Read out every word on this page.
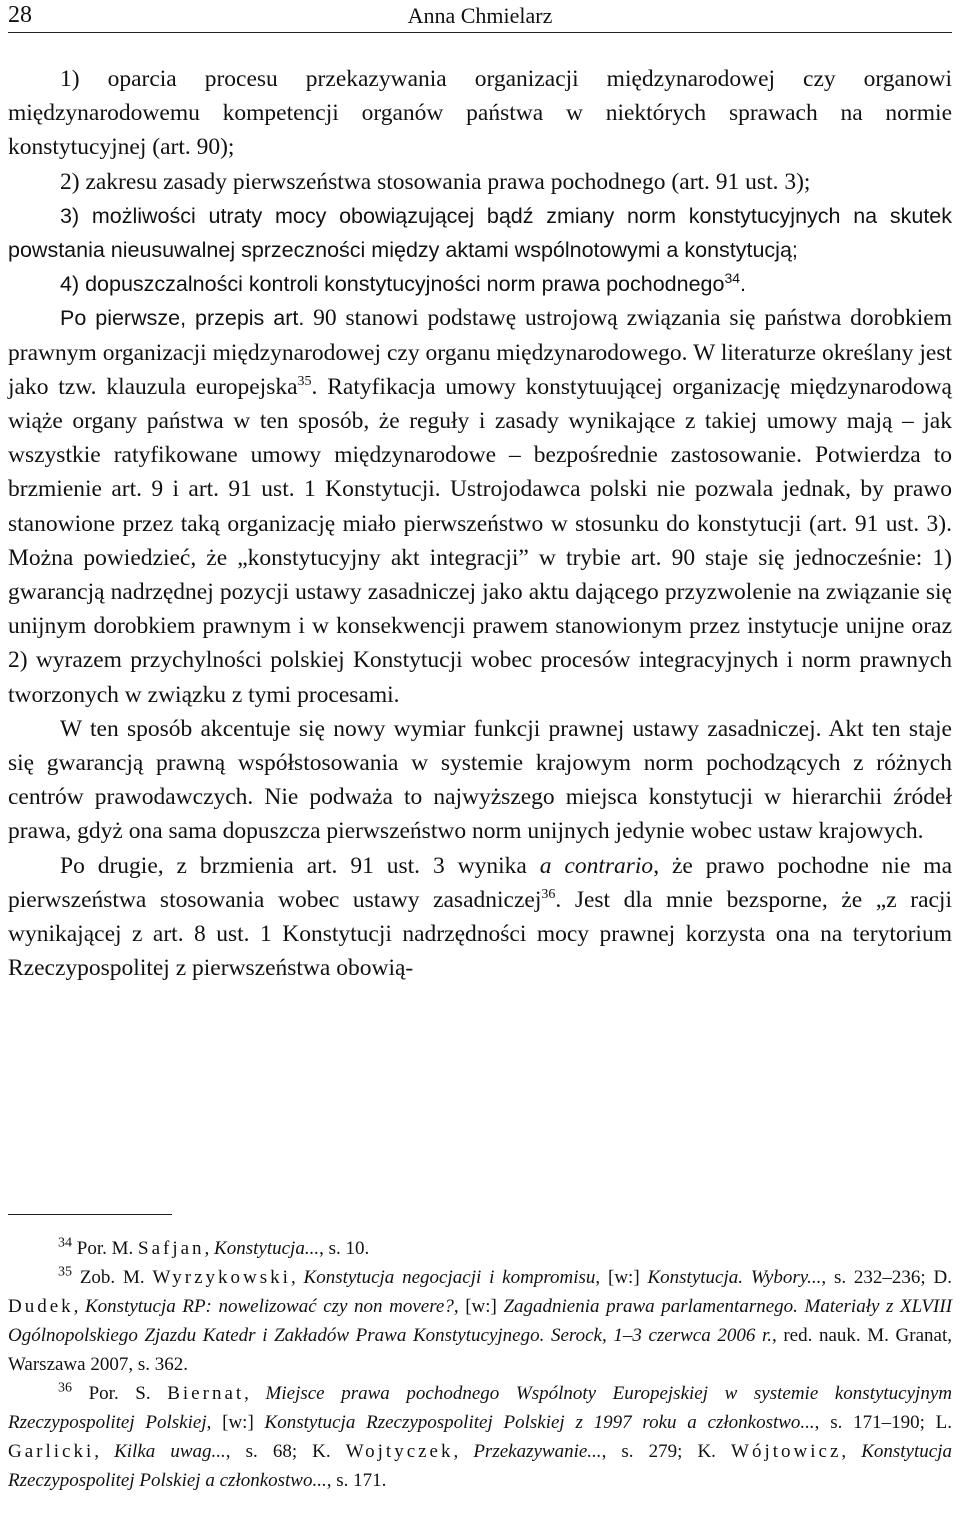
28	Anna Chmielarz

1) oparcia procesu przekazywania organizacji międzynarodowej czy organowi międzynarodowemu kompetencji organów państwa w niektórych sprawach na normie konstytucyjnej (art. 90);

2) zakresu zasady pierwszeństwa stosowania prawa pochodnego (art. 91 ust. 3);

3) możliwości utraty mocy obowiązującej bądź zmiany norm konstytucyjnych na skutek powstania nieusuwalnej sprzeczności między aktami wspólnotowymi a konstytucją;

4) dopuszczalności kontroli konstytucyjności norm prawa pochodnego$^{34}$.

Po pierwsze, przepis art. 90 stanowi podstawę ustrojową związania się państwa dorobkiem prawnym organizacji międzynarodowej czy organu międzynarodowego. W literaturze określany jest jako tzw. klauzula europejska$^{35}$. Ratyfikacja umowy konstytuującej organizację międzynarodową wiąże organy państwa w ten sposób, że reguły i zasady wynikające z takiej umowy mają – jak wszystkie ratyfikowane umowy międzynarodowe – bezpośrednie zastosowanie. Potwierdza to brzmienie art. 9 i art. 91 ust. 1 Konstytucji. Ustrojodawca polski nie pozwala jednak, by prawo stanowione przez taką organizację miało pierwszeństwo w stosunku do konstytucji (art. 91 ust. 3). Można powiedzieć, że „konstytucyjny akt integracji” w trybie art. 90 staje się jednocześnie: 1) gwarancją nadrzędnej pozycji ustawy zasadniczej jako aktu dającego przyzwolenie na związanie się unijnym dorobkiem prawnym i w konsekwencji prawem stanowionym przez instytucje unijne oraz 2) wyrazem przychylności polskiej Konstytucji wobec procesów integracyjnych i norm prawnych tworzonych w związku z tymi procesami.

W ten sposób akcentuje się nowy wymiar funkcji prawnej ustawy zasadniczej. Akt ten staje się gwarancją prawną współstosowania w systemie krajowym norm pochodzących z różnych centrów prawodawczych. Nie podważa to najwyższego miejsca konstytucji w hierarchii źródeł prawa, gdyż ona sama dopuszcza pierwszeństwo norm unijnych jedynie wobec ustaw krajowych.

Po drugie, z brzmienia art. 91 ust. 3 wynika a contrario, że prawo pochodne nie ma pierwszeństwa stosowania wobec ustawy zasadniczej$^{36}$. Jest dla mnie bezsporne, że „z racji wynikającej z art. 8 ust. 1 Konstytucji nadrzędności mocy prawnej korzysta ona na terytorium Rzeczypospolitej z pierwszeństwa obowią-

$^{34}$ Por. M. Safjan, Konstytucja..., s. 10.

$^{35}$ Zob. M. Wyrzykowski, Konstytucja negocjacji i kompromisu, [w:] Konstytucja. Wybory..., s. 232–236; D. Dudek, Konstytucja RP: nowelizować czy non movere?, [w:] Zagadnienia prawa parlamentarnego. Materiały z XLVIII Ogólnopolskiego Zjazdu Katedr i Zakładów Prawa Konstytucyjnego. Serock, 1–3 czerwca 2006 r., red. nauk. M. Granat, Warszawa 2007, s. 362.

$^{36}$ Por. S. Biernat, Miejsce prawa pochodnego Wspólnoty Europejskiej w systemie konstytucyjnym Rzeczypospolitej Polskiej, [w:] Konstytucja Rzeczypospolitej Polskiej z 1997 roku a członkostwo..., s. 171–190; L. Garlicki, Kilka uwag..., s. 68; K. Wojtyczek, Przekazywanie..., s. 279; K. Wójtowicz, Konstytucja Rzeczypospolitej Polskiej a członkostwo..., s. 171.
